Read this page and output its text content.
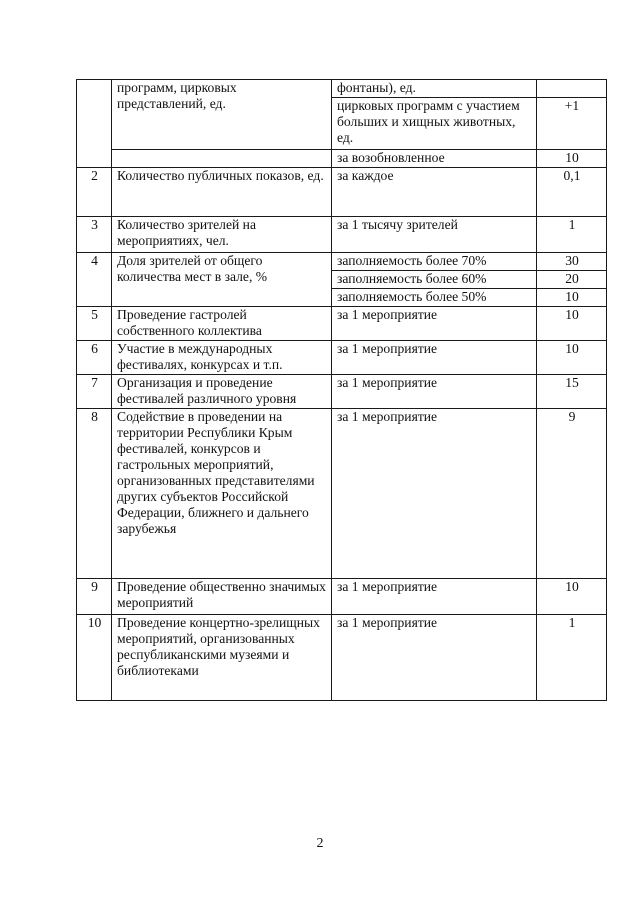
	программ, цирковых представлений, ед.	фонтаны), ед.	
		цирковых программ с участием больших и хищных животных, ед.	+1
		за возобновленное	10
2	Количество публичных показов, ед.	за каждое	0,1
3	Количество зрителей на мероприятиях, чел.	за 1 тысячу зрителей	1
4	Доля зрителей от общего количества мест в зале, %	заполняемость более 70%	30
		заполняемость более 60%	20
		заполняемость более 50%	10
5	Проведение гастролей собственного коллектива	за 1 мероприятие	10
6	Участие в международных фестивалях, конкурсах и т.п.	за 1 мероприятие	10
7	Организация и проведение фестивалей различного уровня	за 1 мероприятие	15
8	Содействие в проведении на территории Республики Крым фестивалей, конкурсов и гастрольных мероприятий, организованных представителями других субъектов Российской Федерации, ближнего и дальнего зарубежья	за 1 мероприятие	9
9	Проведение общественно значимых мероприятий	за 1 мероприятие	10
10	Проведение концертно-зрелищных мероприятий, организованных республиканскими музеями и библиотеками	за 1 мероприятие	1
2
